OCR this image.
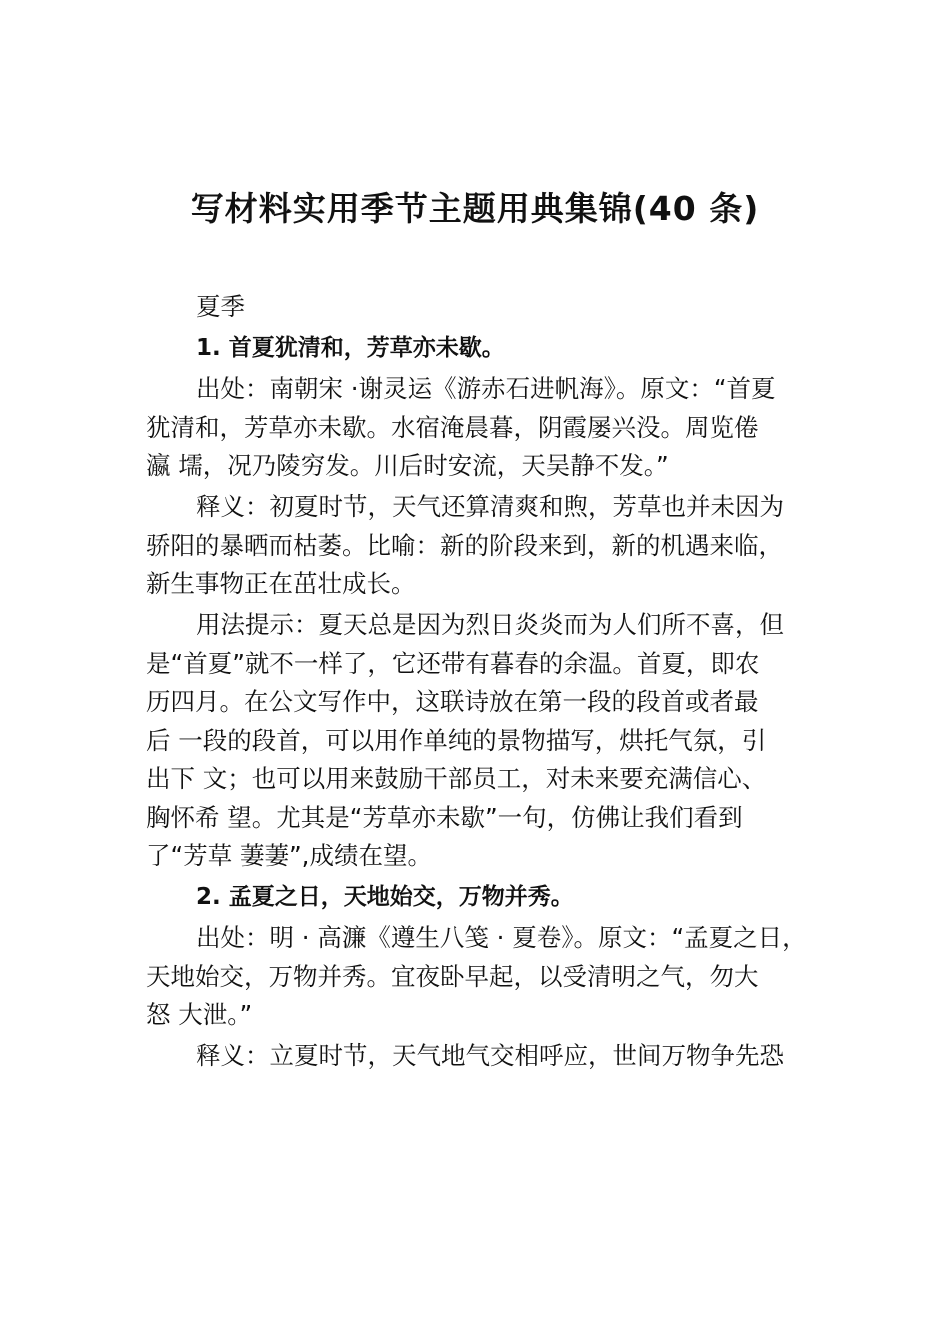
写材料实用季节主题用典集锦(40 条)
夏季
1. 首夏犹清和，芳草亦未歇。
出处：南朝宋 ·谢灵运《游赤石进帆海》。原文：“首夏
犹清和，芳草亦未歇。水宿淹晨暮，阴霞屡兴没。周览倦
瀛 壖，况乃陵穷发。川后时安流，天吴静不发。”
释义：初夏时节，天气还算清爽和煦，芳草也并未因为
骄阳的暴晒而枯萎。比喻：新的阶段来到，新的机遇来临，
新生事物正在茁壮成长。
用法提示：夏天总是因为烈日炎炎而为人们所不喜，但
是“首夏”就不一样了，它还带有暮春的余温。首夏，即农
历四月。在公文写作中，这联诗放在第一段的段首或者最
后 一段的段首，可以用作单纯的景物描写，烘托气氛，引
出下 文；也可以用来鼓励干部员工，对未来要充满信心、
胸怀希 望。尤其是“芳草亦未歇”一句，仿佛让我们看到
了“芳草 萋萋”,成绩在望。
2. 孟夏之日，天地始交，万物并秀。
出处：明 · 高濂《遵生八笺 · 夏卷》。原文：“孟夏之日，
天地始交，万物并秀。宜夜卧早起，以受清明之气，勿大
怒 大泄。”
释义：立夏时节，天气地气交相呼应，世间万物争先恐
